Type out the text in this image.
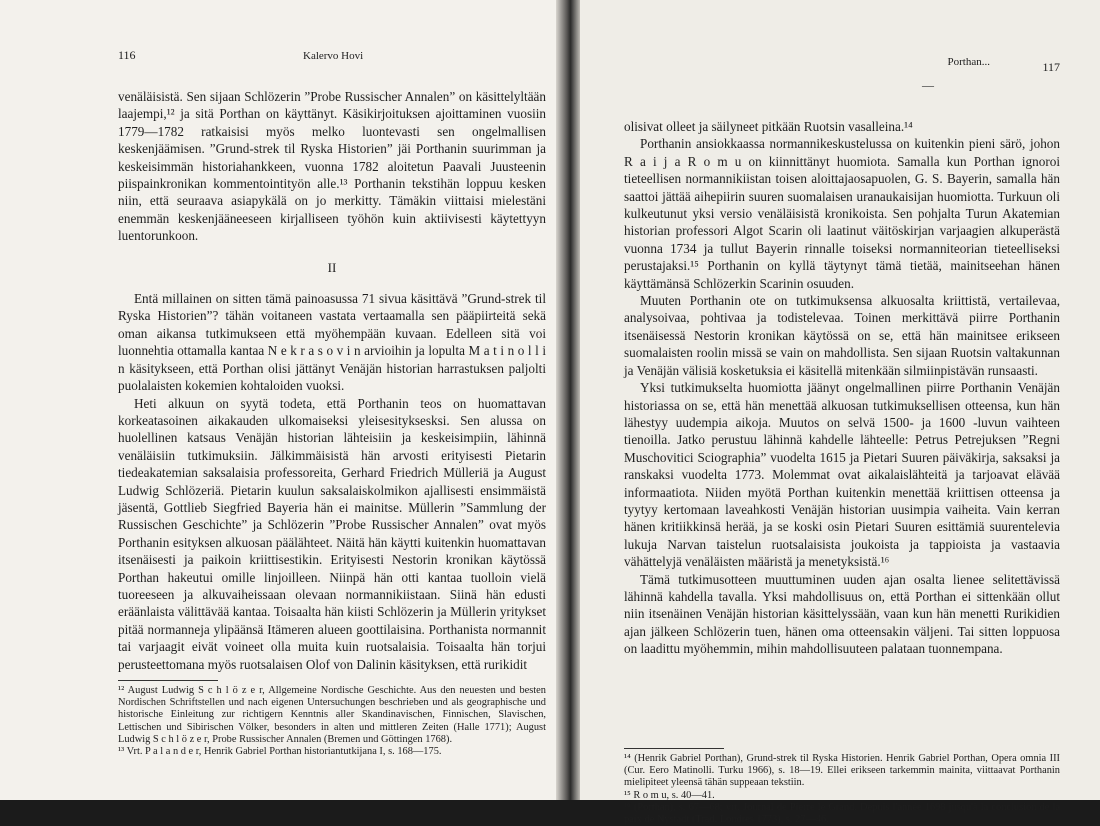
116	Kalervo Hovi

venäläisistä. Sen sijaan Schlözerin ”Probe Russischer Annalen” on käsittelyltään laajempi,¹² ja sitä Porthan on käyttänyt. Käsikirjoituksen ajoittaminen vuosiin 1779—1782 ratkaisisi myös melko luontevasti sen ongelmallisen keskenjäämisen. ”Grund-strek til Ryska Historien” jäi Porthanin suurimman ja keskeisimmän historiahankkeen, vuonna 1782 aloitetun Paavali Juusteenin piispainkronikan kommentointityön alle.¹³ Porthanin tekstihän loppuu kesken niin, että seuraava asiapykälä on jo merkitty. Tämäkin viittaisi mielestäni enemmän keskenjääneeseen kirjalliseen työhön kuin aktiivisesti käytettyyn luentorunkoon.

II

Entä millainen on sitten tämä painoasussa 71 sivua käsittävä ”Grund-strek til Ryska Historien”? tähän voitaneen vastata vertaamalla sen pääpiirteitä sekä oman aikansa tutkimukseen että myöhempään kuvaan. Edelleen sitä voi luonnehtia ottamalla kantaa N e k r a s o v i n arvioihin ja lopulta M a t i n o l l i n käsitykseen, että Porthan olisi jättänyt Venäjän historian harrastuksen paljolti puolalaisten kokemien kohtaloiden vuoksi.

Heti alkuun on syytä todeta, että Porthanin teos on huomattavan korkeatasoinen aikakauden ulkomaiseksi yleisesityksesksi. Sen alussa on huolellinen katsaus Venäjän historian lähteisiin ja keskeisimpiin, lähinnä venäläisiin tutkimuksiin. Jälkimmäisistä hän arvosti erityisesti Pietarin tiedeakatemian saksalaisia professoreita, Gerhard Friedrich Mülleriä ja August Ludwig Schlözeriä. Pietarin kuulun saksalaiskolmikon ajallisesti ensimmäistä jäsentä, Gottlieb Siegfried Bayeria hän ei mainitse. Müllerin ”Sammlung der Russischen Geschichte” ja Schlözerin ”Probe Russischer Annalen” ovat myös Porthanin esityksen alkuosan päälähteet. Näitä hän käytti kuitenkin huomattavan itsenäisesti ja paikoin kriittisestikin. Erityisesti Nestorin kronikan käytössä Porthan hakeutui omille linjoilleen. Niinpä hän otti kantaa tuolloin vielä tuoreeseen ja alkuvaiheissaan olevaan normannikiistaan. Siinä hän edusti eräänlaista välittävää kantaa. Toisaalta hän kiisti Schlözerin ja Müllerin yritykset pitää normanneja ylipäänsä Itämeren alueen goottilaisina. Porthanista normannit tai varjaagit eivät voineet olla muita kuin ruotsalaisia. Toisaalta hän torjui perusteettomana myös ruotsalaisen Olof von Dalinin käsityksen, että rurikidit

¹² August Ludwig S c h l ö z e r, Allgemeine Nordische Geschichte. Aus den neuesten und besten Nordischen Schriftstellen und nach eigenen Untersuchungen beschrieben und als geographische und historische Einleitung zur richtigern Kenntnis aller Skandinavischen, Finnischen, Slavischen, Lettischen und Sibirischen Völker, besonders in alten und mittleren Zeiten (Halle 1771); August Ludwig S c h l ö z e r, Probe Russischer Annalen (Bremen und Göttingen 1768).

¹³ Vrt. P a l a n d e r, Henrik Gabriel Porthan historiantutkijana I, s. 168—175.

Porthan...	117
—

olisivat olleet ja säilyneet pitkään Ruotsin vasalleina.¹⁴

Porthanin ansiokkaassa normannikeskustelussa on kuitenkin pieni särö, johon R a i j a R o m u on kiinnittänyt huomiota. Samalla kun Porthan ignoroi tieteellisen normannikiistan toisen aloittajaosapuolen, G. S. Bayerin, samalla hän saattoi jättää aihepiirin suuren suomalaisen uranaukaisijan huomiotta. Turkuun oli kulkeutunut yksi versio venäläisistä kronikoista. Sen pohjalta Turun Akatemian historian professori Algot Scarin oli laatinut väitöskirjan varjaagien alkuperästä vuonna 1734 ja tullut Bayerin rinnalle toiseksi normanniteorian tieteelliseksi perustajaksi.¹⁵ Porthanin on kyllä täytynyt tämä tietää, mainitseehan hänen käyttämänsä Schlözerkin Scarinin osuuden.

Muuten Porthanin ote on tutkimuksensa alkuosalta kriittistä, vertailevaa, analysoivaa, pohtivaa ja todistelevaa. Toinen merkittävä piirre Porthanin itsenäisessä Nestorin kronikan käytössä on se, että hän mainitsee erikseen suomalaisten roolin missä se vain on mahdollista. Sen sijaan Ruotsin valtakunnan ja Venäjän välisiä kosketuksia ei käsitellä mitenkään silmiinpistävän runsaasti.

Yksi tutkimukselta huomiotta jäänyt ongelmallinen piirre Porthanin Venäjän historiassa on se, että hän menettää alkuosan tutkimuksellisen otteensa, kun hän lähestyy uudempia aikoja. Muutos on selvä 1500- ja 1600 -luvun vaihteen tienoilla. Jatko perustuu lähinnä kahdelle lähteelle: Petrus Petrejuksen ”Regni Muschovitici Sciographia” vuodelta 1615 ja Pietari Suuren päiväkirja, saksaksi ja ranskaksi vuodelta 1773. Molemmat ovat aikalaislähteitä ja tarjoavat elävää informaatiota. Niiden myötä Porthan kuitenkin menettää kriittisen otteensa ja tyytyy kertomaan laveahkosti Venäjän historian uusimpia vaiheita. Vain kerran hänen kritiikkinsä herää, ja se koski osin Pietari Suuren esittämiä suurentelevia lukuja Narvan taistelun ruotsalaisista joukoista ja tappioista ja vastaavia vähättelyjä venäläisten määristä ja menetyksistä.¹⁶

Tämä tutkimusotteen muuttuminen uuden ajan osalta lienee selitettävissä lähinnä kahdella tavalla. Yksi mahdollisuus on, että Porthan ei sittenkään ollut niin itsenäinen Venäjän historian käsittelyssään, vaan kun hän menetti Rurikidien ajan jälkeen Schlözerin tuen, hänen oma otteensakin väljeni. Tai sitten loppuosa on laadittu myöhemmin, mihin mahdollisuuteen palataan tuonnempana.

¹⁴ (Henrik Gabriel Porthan), Grund-strek til Ryska Historien. Henrik Gabriel Porthan, Opera omnia III (Cur. Eero Matinolli. Turku 1966), s. 18—19. Ellei erikseen tarkemmin mainita, viittaavat Porthanin mielipiteet yleensä tähän suppeaan tekstiin.

¹⁵ R o m u, s. 40—41.

¹⁶ (Porthan), s. 67—68; vrt. Journal de Pierre le Grand. Depuis l'année 1698 jusqu'à la conclusion de la paix de Nystadt (Trad. Londres 1773), s. 27—46.
